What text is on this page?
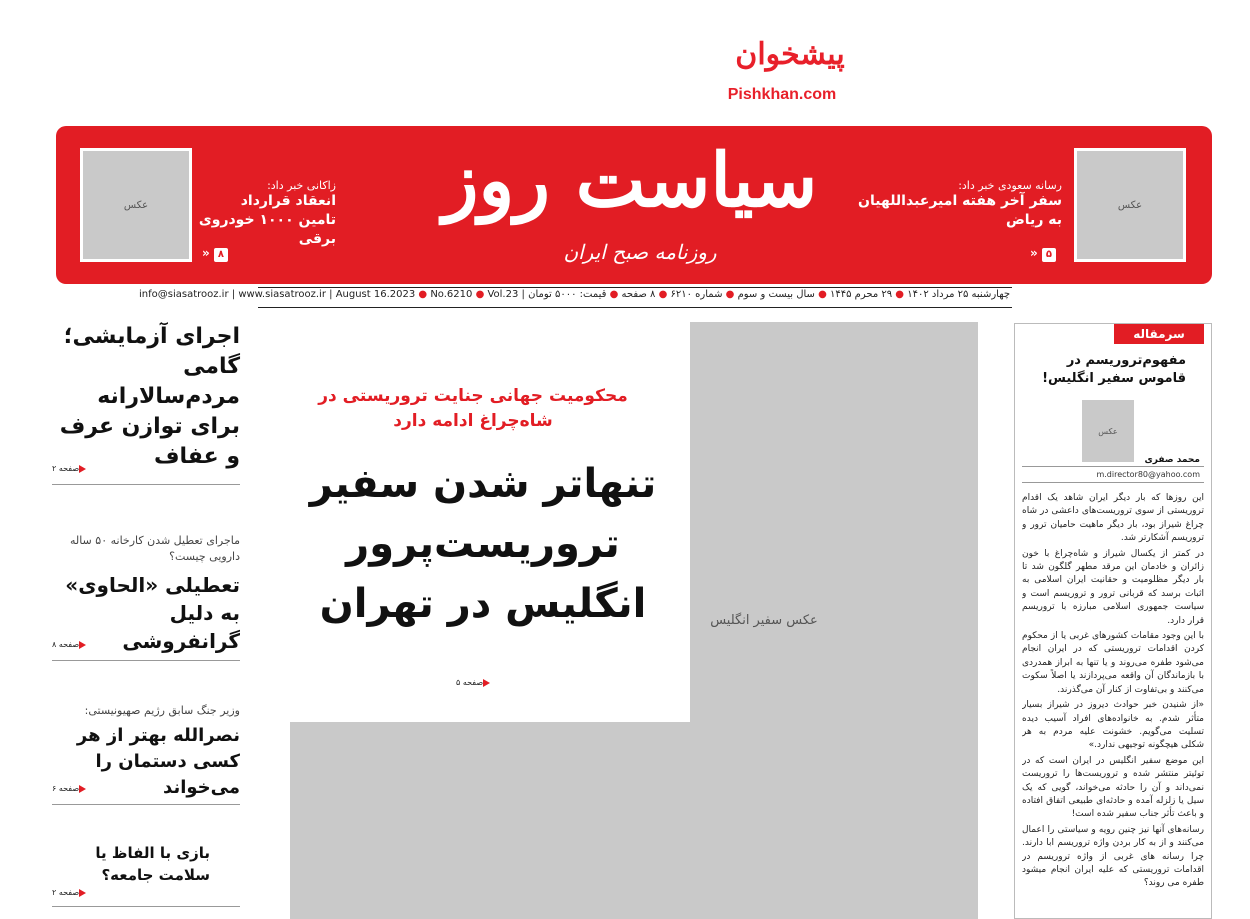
پیشخوان
Pishkhan.com
عکس
رسانه سعودی خبر داد:
سفر آخر هفته امیرعبداللهیان
به ریاض
۵ «
عکس
زاکانی خبر داد:
انعقاد قرارداد
تامین ۱۰۰۰ خودروی برقی
۸ «
سیاست روز
روزنامه صبح ایران
چهارشنبه ۲۵ مرداد ۱۴۰۲ ● ۲۹ محرم ۱۴۴۵ ● سال بیست و سوم ● شماره ۶۲۱۰ ● ۸ صفحه ● قیمت: ۵۰۰۰ تومان | info@siasatrooz.ir | www.siasatrooz.ir | August 16.2023 ● No.6210 ● Vol.23
اجرای آزمایشی؛ گامی مردم‌سالارانه برای توازن عرف و عفاف
صفحه ۲
ماجرای تعطیل شدن کارخانه ۵۰ ساله دارویی چیست؟
تعطیلی «الحاوی» به دلیل گرانفروشی
صفحه ۸
وزیر جنگ سابق رژیم صهیونیستی:
نصرالله بهتر از هر کسی دستمان را می‌خواند
صفحه ۶
بازی با الفاظ یا سلامت جامعه؟
صفحه ۲
عکس سفیر انگلیس
محکومیت جهانی جنایت تروریستی در شاه‌چراغ ادامه دارد
تنهاتر شدن سفیر تروریست‌پرور انگلیس در تهران
صفحه ۵
سرمقاله
مفهوم‌تروریسم در قاموس سفیر انگلیس!
عکس
محمد صفری
m.director80@yahoo.com

این روزها که بار دیگر ایران شاهد یک اقدام تروریستی از سوی تروریست‌های داعشی در شاه چراغ شیراز بود، بار دیگر ماهیت حامیان ترور و تروریسم آشکارتر شد.

در کمتر از یکسال شیراز و شاه‌چراغ با خون زائران و خادمان این مرقد مطهر گلگون شد تا بار دیگر مظلومیت و حقانیت ایران اسلامی به اثبات برسد که قربانی ترور و تروریسم است و سیاست جمهوری اسلامی مبارزه با تروریسم قرار دارد.

با این وجود مقامات کشورهای غربی یا از محکوم کردن اقدامات تروریستی که در ایران انجام می‌شود طفره می‌روند و یا تنها به ابراز همدردی با بازماندگان آن واقعه می‌پردازند یا اصلاً سکوت می‌کنند و بی‌تفاوت از کنار آن می‌گذرند.

«از شنیدن خبر حوادث دیروز در شیراز بسیار متأثر شدم. به خانواده‌های افراد آسیب دیده تسلیت می‌گویم. خشونت علیه مردم به هر شکلی هیچگونه توجیهی ندارد.»

این موضع سفیر انگلیس در ایران است که در توئیتر منتشر شده و تروریست‌ها را تروریست نمی‌داند و آن را حادثه می‌خواند، گویی که یک سیل یا زلزله آمده و حادثه‌ای طبیعی اتفاق افتاده و باعث تأثر جناب سفیر شده است!

رسانه‌های آنها نیز چنین رویه و سیاستی را اعمال می‌کنند و از به کار بردن واژه تروریسم ابا دارند. چرا رسانه های غربی از واژه تروریسم در اقدامات تروریستی که علیه ایران انجام میشود طفره می روند؟
